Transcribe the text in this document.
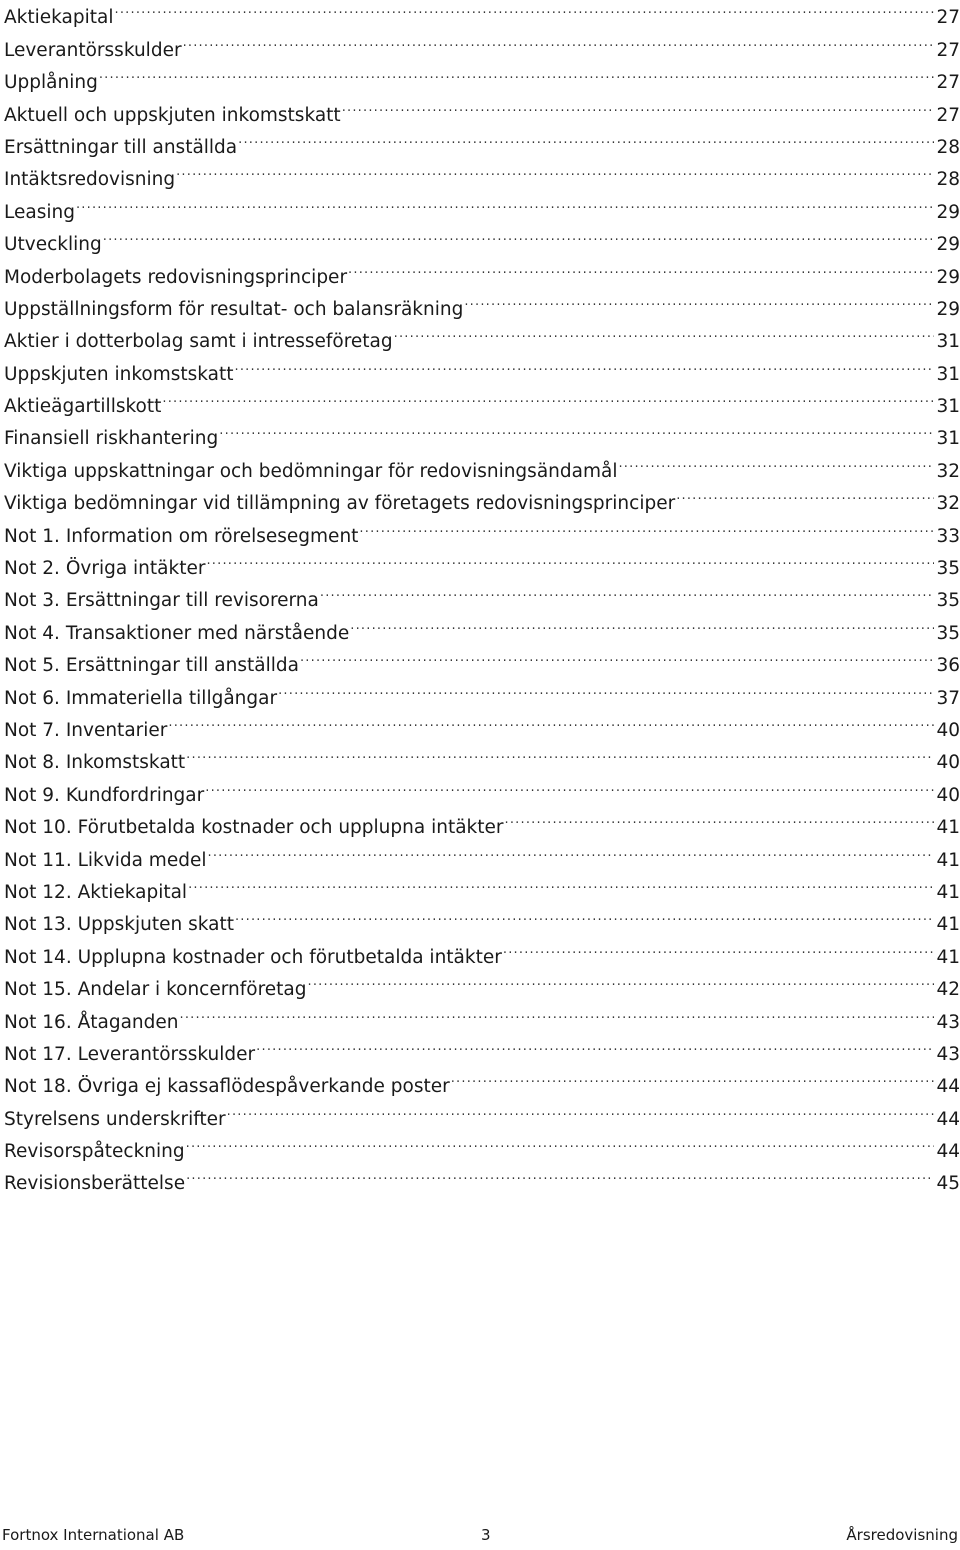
Aktiekapital .....	27
Leverantörsskulder .....	27
Upplåning .....	27
Aktuell och uppskjuten inkomstskatt .....	27
Ersättningar till anställda .....	28
Intäktsredovisning .....	28
Leasing .....	29
Utveckling .....	29
Moderbolagets redovisningsprinciper .....	29
Uppställningsform för resultat- och balansräkning .....	29
Aktier i dotterbolag samt i intresseföretag .....	31
Uppskjuten inkomstskatt .....	31
Aktieägartillskott .....	31
Finansiell riskhantering .....	31
Viktiga uppskattningar och bedömningar för redovisningsändamål .....	32
Viktiga bedömningar vid tillämpning av företagets redovisningsprinciper .....	32
Not 1. Information om rörelsesegment .....	33
Not 2. Övriga intäkter .....	35
Not 3. Ersättningar till revisorerna .....	35
Not 4. Transaktioner med närstående .....	35
Not 5. Ersättningar till anställda .....	36
Not 6. Immateriella tillgångar .....	37
Not 7. Inventarier .....	40
Not 8. Inkomstskatt .....	40
Not 9. Kundfordringar .....	40
Not 10. Förutbetalda kostnader och upplupna intäkter .....	41
Not 11. Likvida medel .....	41
Not 12. Aktiekapital .....	41
Not 13. Uppskjuten skatt .....	41
Not 14. Upplupna kostnader och förutbetalda intäkter .....	41
Not 15. Andelar i koncernföretag .....	42
Not 16. Åtaganden .....	43
Not 17. Leverantörsskulder .....	43
Not 18. Övriga ej kassaflödespåverkande poster .....	44
Styrelsens underskrifter .....	44
Revisorspåteckning .....	44
Revisionsberättelse .....	45
Fortnox International AB	3	Årsredovisning
